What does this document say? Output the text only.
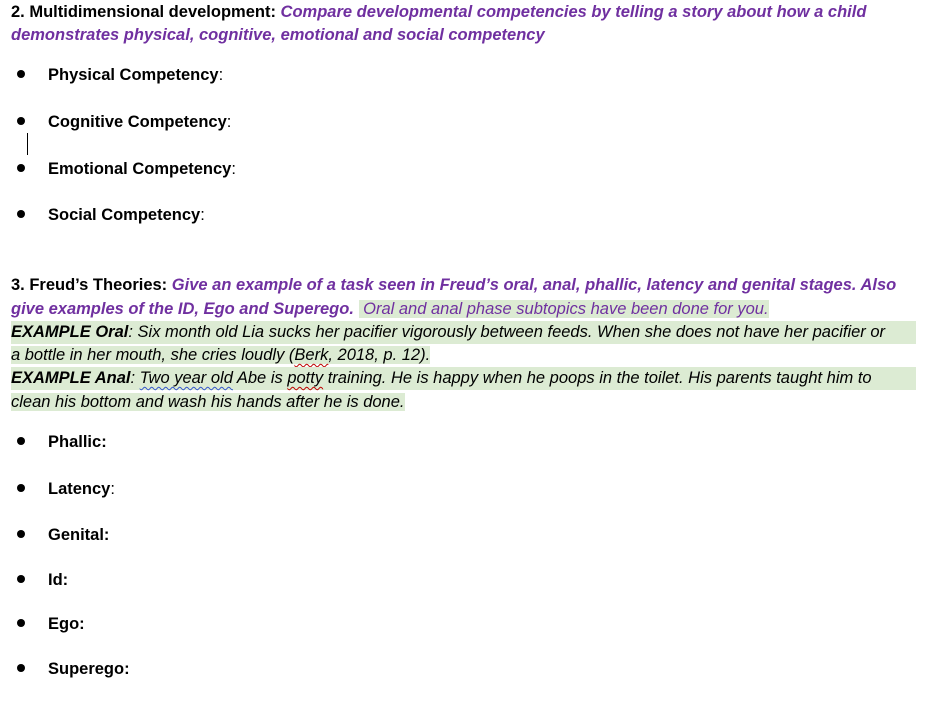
2. Multidimensional development: Compare developmental competencies by telling a story about how a child
demonstrates physical, cognitive, emotional and social competency
3. Freud’s Theories: Give an example of a task seen in Freud’s oral, anal, phallic, latency and genital stages. Also
give examples of the ID, Ego and Superego. Oral and anal phase subtopics have been done for you.
EXAMPLE Oral: Six month old Lia sucks her pacifier vigorously between feeds. When she does not have her pacifier or
a bottle in her mouth, she cries loudly (Berk, 2018, p. 12).
EXAMPLE Anal: Two year old Abe is potty training. He is happy when he poops in the toilet. His parents taught him to
clean his bottom and wash his hands after he is done.
Physical Competency:
Cognitive Competency:
Emotional Competency:
Social Competency:
Phallic:
Latency:
Genital:
Id:
Ego:
Superego:
